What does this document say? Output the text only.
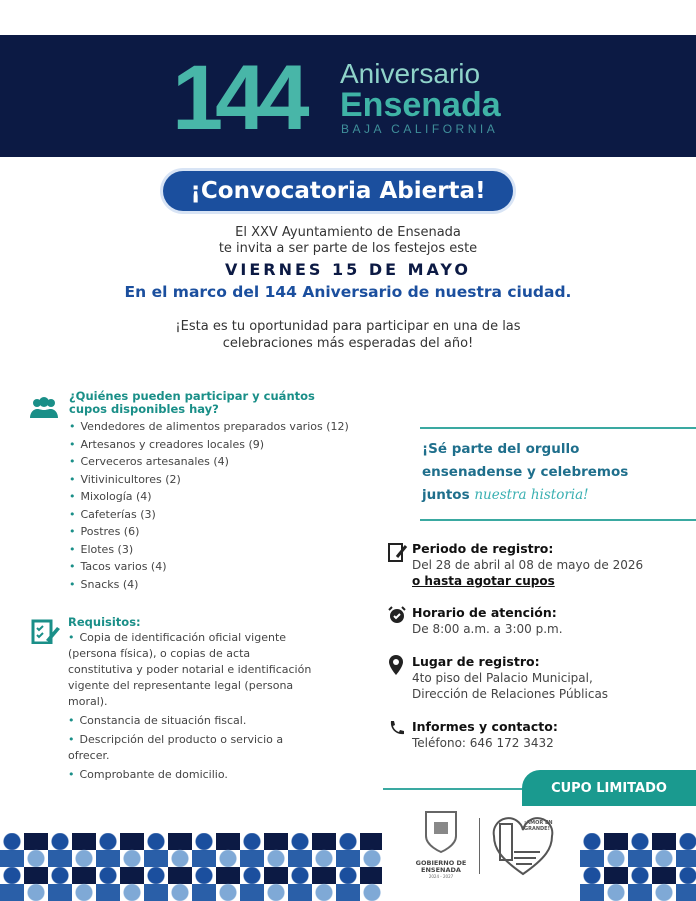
144 Aniversario
Ensenada
BAJA CALIFORNIA
¡Convocatoria Abierta!
El XXV Ayuntamiento de Ensenada
te invita a ser parte de los festejos este
VIERNES 15 DE MAYO
En el marco del 144 Aniversario de nuestra ciudad.
¡Esta es tu oportunidad para participar en una de las
celebraciones más esperadas del año!
¿Quiénes pueden participar y cuántos cupos disponibles hay?
• Vendedores de alimentos preparados varios (12)
• Artesanos y creadores locales (9)
• Cerveceros artesanales (4)
• Vitivinicultores (2)
• Mixología (4)
• Cafeterías (3)
• Postres (6)
• Elotes (3)
• Tacos varios (4)
• Snacks (4)
Requisitos:
• Copia de identificación oficial vigente (persona física), o copias de acta constitutiva y poder notarial e identificación vigente del representante legal (persona moral).
• Constancia de situación fiscal.
• Descripción del producto o servicio a ofrecer.
• Comprobante de domicilio.
¡Sé parte del orgullo
ensenadense y celebremos
juntos nuestra historia!
Periodo de registro:
Del 28 de abril al 08 de mayo de 2026
o hasta agotar cupos
Horario de atención:
De 8:00 a.m. a 3:00 p.m.
Lugar de registro:
4to piso del Palacio Municipal,
Dirección de Relaciones Públicas
Informes y contacto:
Teléfono: 646 172 3432
CUPO LIMITADO
GOBIERNO DE ENSENADA
2024 - 2027
¡AMOR EN GRANDE!
